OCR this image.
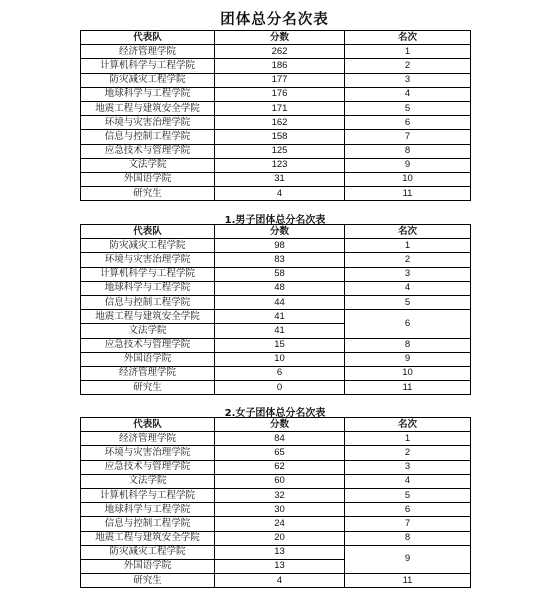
团体总分名次表
代表队	分数	名次
经济管理学院	262	1
计算机科学与工程学院	186	2
防灾减灾工程学院	177	3
地球科学与工程学院	176	4
地震工程与建筑安全学院	171	5
环境与灾害治理学院	162	6
信息与控制工程学院	158	7
应急技术与管理学院	125	8
文法学院	123	9
外国语学院	31	10
研究生	4	11
1.男子团体总分名次表
代表队	分数	名次
防灾减灾工程学院	98	1
环境与灾害治理学院	83	2
计算机科学与工程学院	58	3
地球科学与工程学院	48	4
信息与控制工程学院	44	5
地震工程与建筑安全学院	41	6
文法学院	41	
应急技术与管理学院	15	8
外国语学院	10	9
经济管理学院	6	10
研究生	0	11
2.女子团体总分名次表
代表队	分数	名次
经济管理学院	84	1
环境与灾害治理学院	65	2
应急技术与管理学院	62	3
文法学院	60	4
计算机科学与工程学院	32	5
地球科学与工程学院	30	6
信息与控制工程学院	24	7
地震工程与建筑安全学院	20	8
防灾减灾工程学院	13	9
外国语学院	13	
研究生	4	11
